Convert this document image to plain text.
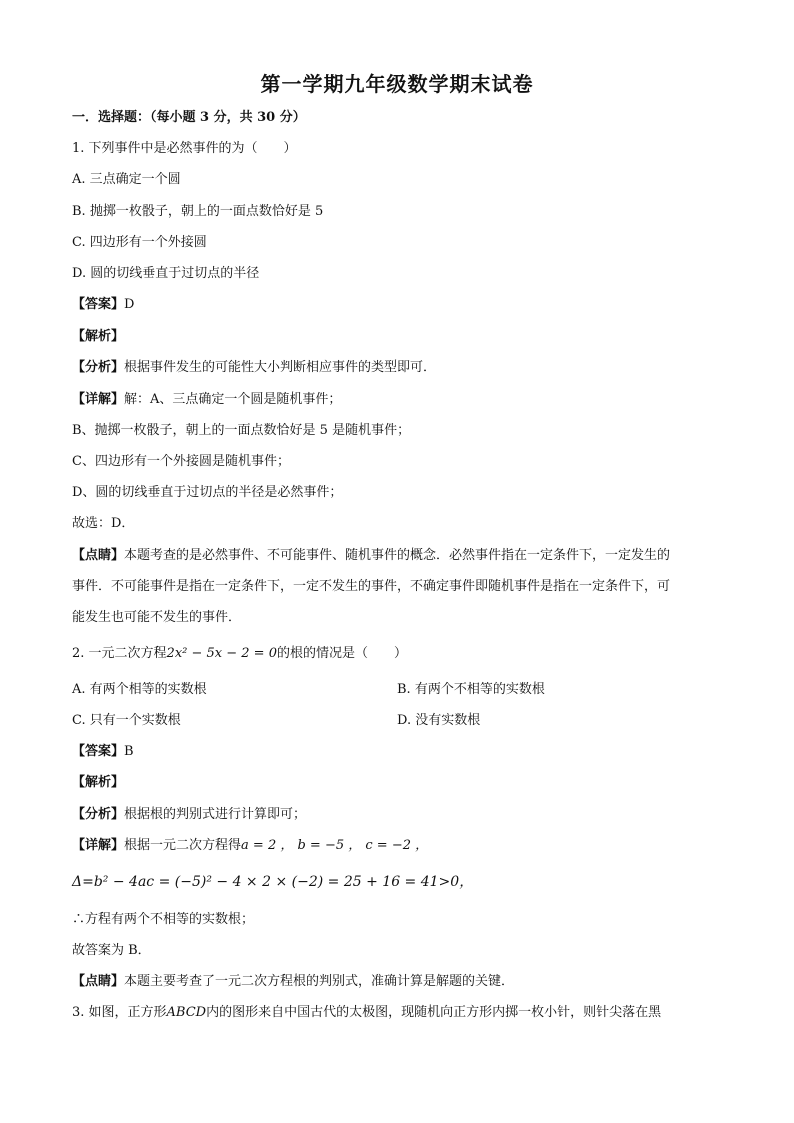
第一学期九年级数学期末试卷
一．选择题：（每小题 3 分，共 30 分）
1. 下列事件中是必然事件的为（　　）
A. 三点确定一个圆
B. 抛掷一枚骰子，朝上的一面点数恰好是 5
C. 四边形有一个外接圆
D. 圆的切线垂直于过切点的半径
【答案】D
【解析】
【分析】根据事件发生的可能性大小判断相应事件的类型即可．
【详解】解：A、三点确定一个圆是随机事件；
B、抛掷一枚骰子，朝上的一面点数恰好是 5 是随机事件；
C、四边形有一个外接圆是随机事件；
D、圆的切线垂直于过切点的半径是必然事件；
故选：D．
【点睛】本题考查的是必然事件、不可能事件、随机事件的概念．必然事件指在一定条件下，一定发生的
事件．不可能事件是指在一定条件下，一定不发生的事件，不确定事件即随机事件是指在一定条件下，可
能发生也可能不发生的事件．
2. 一元二次方程2x² − 5x − 2 = 0的根的情况是（　　）
A. 有两个相等的实数根	B. 有两个不相等的实数根
C. 只有一个实数根	D. 没有实数根
【答案】B
【解析】
【分析】根据根的判别式进行计算即可；
【详解】根据一元二次方程得a = 2 ， b = −5 ， c = −2 ，
Δ=b² − 4ac = (−5)² − 4 × 2 × (−2) = 25 + 16 = 41>0，
∴方程有两个不相等的实数根；
故答案为 B．
【点睛】本题主要考查了一元二次方程根的判别式，准确计算是解题的关键．
3. 如图，正方形ABCD内的图形来自中国古代的太极图，现随机向正方形内掷一枚小针，则针尖落在黑
